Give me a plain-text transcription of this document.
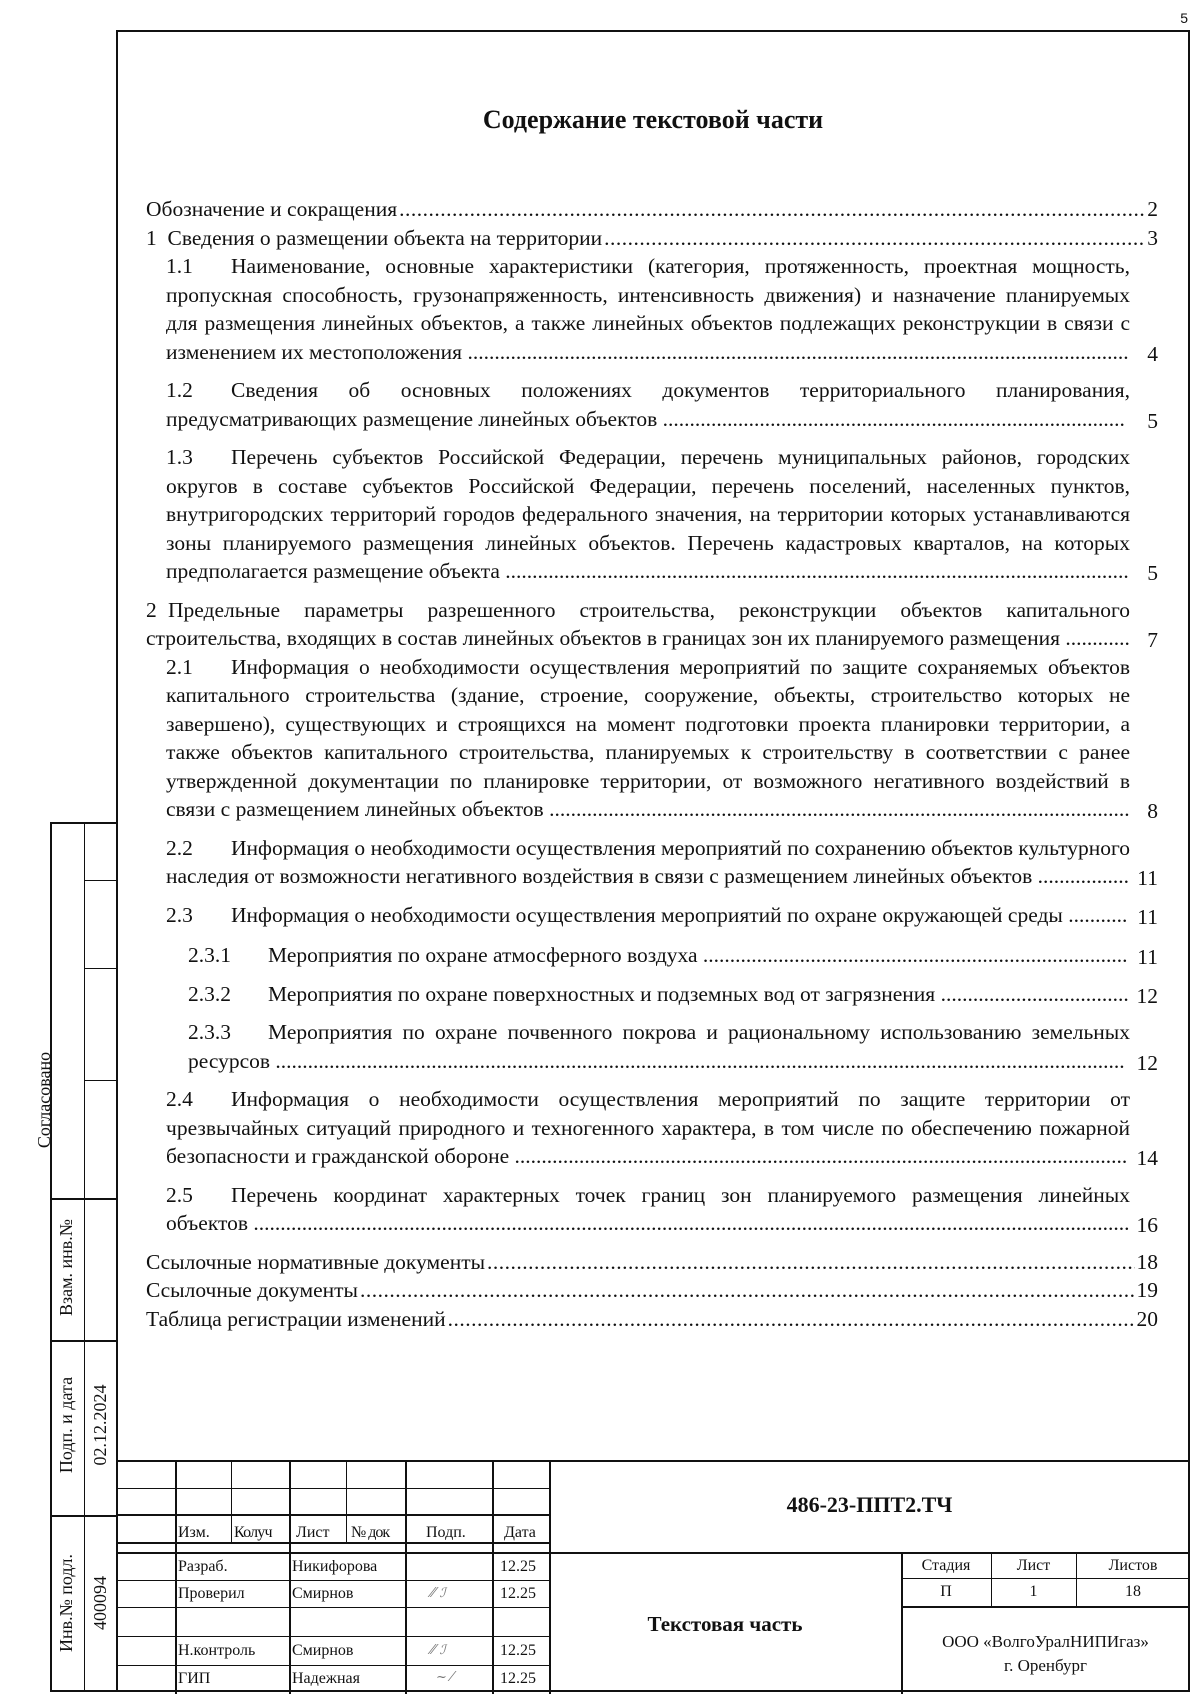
5
Содержание текстовой части
Обозначение и сокращения .....	2
1 Сведения о размещении объекта на территории .....	3
1.1 Наименование, основные характеристики (категория, протяженность, проектная мощность, пропускная способность, грузонапряженность, интенсивность движения) и назначение планируемых для размещения линейных объектов, а также линейных объектов подлежащих реконструкции в связи с изменением их местоположения ........................................................................................................................... 4
1.2 Сведения об основных положениях документов территориального планирования, предусматривающих размещение линейных объектов ...................................................................................... 5
1.3 Перечень субъектов Российской Федерации, перечень муниципальных районов, городских округов в составе субъектов Российской Федерации, перечень поселений, населенных пунктов, внутригородских территорий городов федерального значения, на территории которых устанавливаются зоны планируемого размещения линейных объектов. Перечень кадастровых кварталов, на которых предполагается размещение объекта .................................................................................................................... 5
2 Предельные параметры разрешенного строительства, реконструкции объектов капитального строительства, входящих в состав линейных объектов в границах зон их планируемого размещения ............ 7
2.1 Информация о необходимости осуществления мероприятий по защите сохраняемых объектов капитального строительства (здание, строение, сооружение, объекты, строительство которых не завершено), существующих и строящихся на момент подготовки проекта планировки территории, а также объектов капитального строительства, планируемых к строительству в соответствии с ранее утвержденной документации по планировке территории, от возможного негативного воздействий в связи с размещением линейных объектов ............................................................................................................ 8
2.2 Информация о необходимости осуществления мероприятий по сохранению объектов культурного наследия от возможности негативного воздействия в связи с размещением линейных объектов ................. 11
2.3 Информация о необходимости осуществления мероприятий по охране окружающей среды ........... 11
2.3.1 Мероприятия по охране атмосферного воздуха ............................................................................... 11
2.3.2 Мероприятия по охране поверхностных и подземных вод от загрязнения ................................... 12
2.3.3 Мероприятия по охране почвенного покрова и рациональному использованию земельных ресурсов .............................................................................................................................................................. 12
2.4 Информация о необходимости осуществления мероприятий по защите территории от чрезвычайных ситуаций природного и техногенного характера, в том числе по обеспечению пожарной безопасности и гражданской обороне .................................................................................................................. 14
2.5 Перечень координат характерных точек границ зон планируемого размещения линейных объектов ................................................................................................................................................................... 16
Ссылочные нормативные документы .....	18
Ссылочные документы .....	19
Таблица регистрации изменений .....	20
Согласовано
Взам. инв.№
Подп. и дата 02.12.2024
Инв.№ подл. 400094
Изм. Колуч Лист № док Подп. Дата
Разраб.	Никифорова	12.25
Проверил	Смирнов	12.25
⁄⁄ ℐ
Н.контроль Смирнов	12.25
⁄⁄ ℐ
ГИП	Надежная	12.25
~ ⁄
486-23-ППТ2.ТЧ
Текстовая часть
Стадия	Лист	Листов
П	1	18
ООО «ВолгоУралНИПИгаз»
г. Оренбург
